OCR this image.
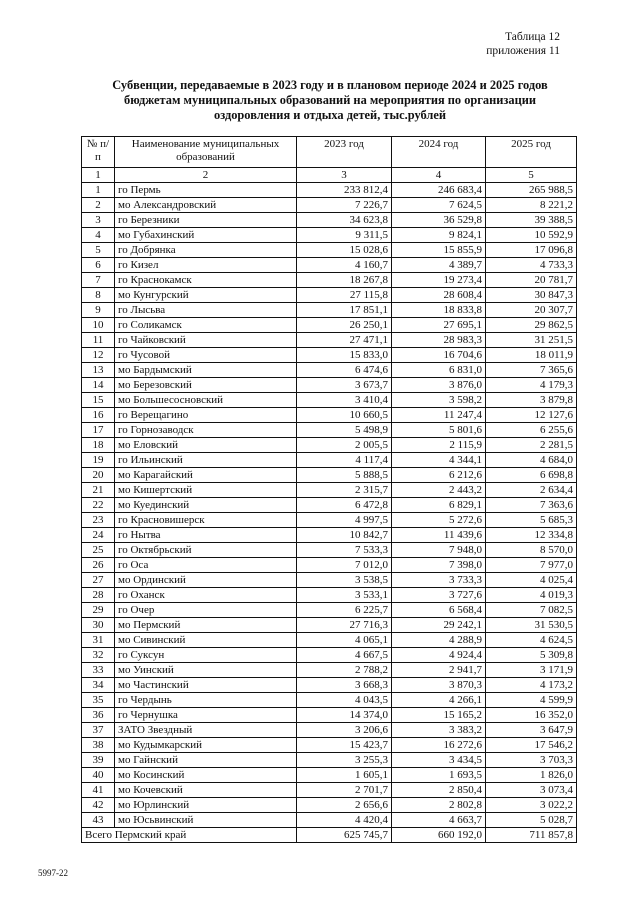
Таблица 12
приложения 11
Субвенции, передаваемые в 2023 году и в плановом периоде 2024 и 2025 годов
бюджетам муниципальных образований на мероприятия по организации
оздоровления и отдыха детей, тыс.рублей
№ п/п	Наименование муниципальных образований	2023 год	2024 год	2025 год
1	2	3	4	5
1	го Пермь	233 812,4	246 683,4	265 988,5
2	мо Александровский	7 226,7	7 624,5	8 221,2
3	го Березники	34 623,8	36 529,8	39 388,5
4	мо Губахинский	9 311,5	9 824,1	10 592,9
5	го Добрянка	15 028,6	15 855,9	17 096,8
6	го Кизел	4 160,7	4 389,7	4 733,3
7	го Краснокамск	18 267,8	19 273,4	20 781,7
8	мо Кунгурский	27 115,8	28 608,4	30 847,3
9	го Лысьва	17 851,1	18 833,8	20 307,7
10	го Соликамск	26 250,1	27 695,1	29 862,5
11	го Чайковский	27 471,1	28 983,3	31 251,5
12	го Чусовой	15 833,0	16 704,6	18 011,9
13	мо Бардымский	6 474,6	6 831,0	7 365,6
14	мо Березовский	3 673,7	3 876,0	4 179,3
15	мо Большесосновский	3 410,4	3 598,2	3 879,8
16	го Верещагино	10 660,5	11 247,4	12 127,6
17	го Горнозаводск	5 498,9	5 801,6	6 255,6
18	мо Еловский	2 005,5	2 115,9	2 281,5
19	го Ильинский	4 117,4	4 344,1	4 684,0
20	мо Карагайский	5 888,5	6 212,6	6 698,8
21	мо Кишертский	2 315,7	2 443,2	2 634,4
22	мо Куединский	6 472,8	6 829,1	7 363,6
23	го Красновишерск	4 997,5	5 272,6	5 685,3
24	го Нытва	10 842,7	11 439,6	12 334,8
25	го Октябрьский	7 533,3	7 948,0	8 570,0
26	го Оса	7 012,0	7 398,0	7 977,0
27	мо Ординский	3 538,5	3 733,3	4 025,4
28	го Оханск	3 533,1	3 727,6	4 019,3
29	го Очер	6 225,7	6 568,4	7 082,5
30	мо Пермский	27 716,3	29 242,1	31 530,5
31	мо Сивинский	4 065,1	4 288,9	4 624,5
32	го Суксун	4 667,5	4 924,4	5 309,8
33	мо Уинский	2 788,2	2 941,7	3 171,9
34	мо Частинский	3 668,3	3 870,3	4 173,2
35	го Чердынь	4 043,5	4 266,1	4 599,9
36	го Чернушка	14 374,0	15 165,2	16 352,0
37	ЗАТО Звездный	3 206,6	3 383,2	3 647,9
38	мо Кудымкарский	15 423,7	16 272,6	17 546,2
39	мо Гайнский	3 255,3	3 434,5	3 703,3
40	мо Косинский	1 605,1	1 693,5	1 826,0
41	мо Кочевский	2 701,7	2 850,4	3 073,4
42	мо Юрлинский	2 656,6	2 802,8	3 022,2
43	мо Юсьвинский	4 420,4	4 663,7	5 028,7
Всего Пермский край		625 745,7	660 192,0	711 857,8
5997-22
